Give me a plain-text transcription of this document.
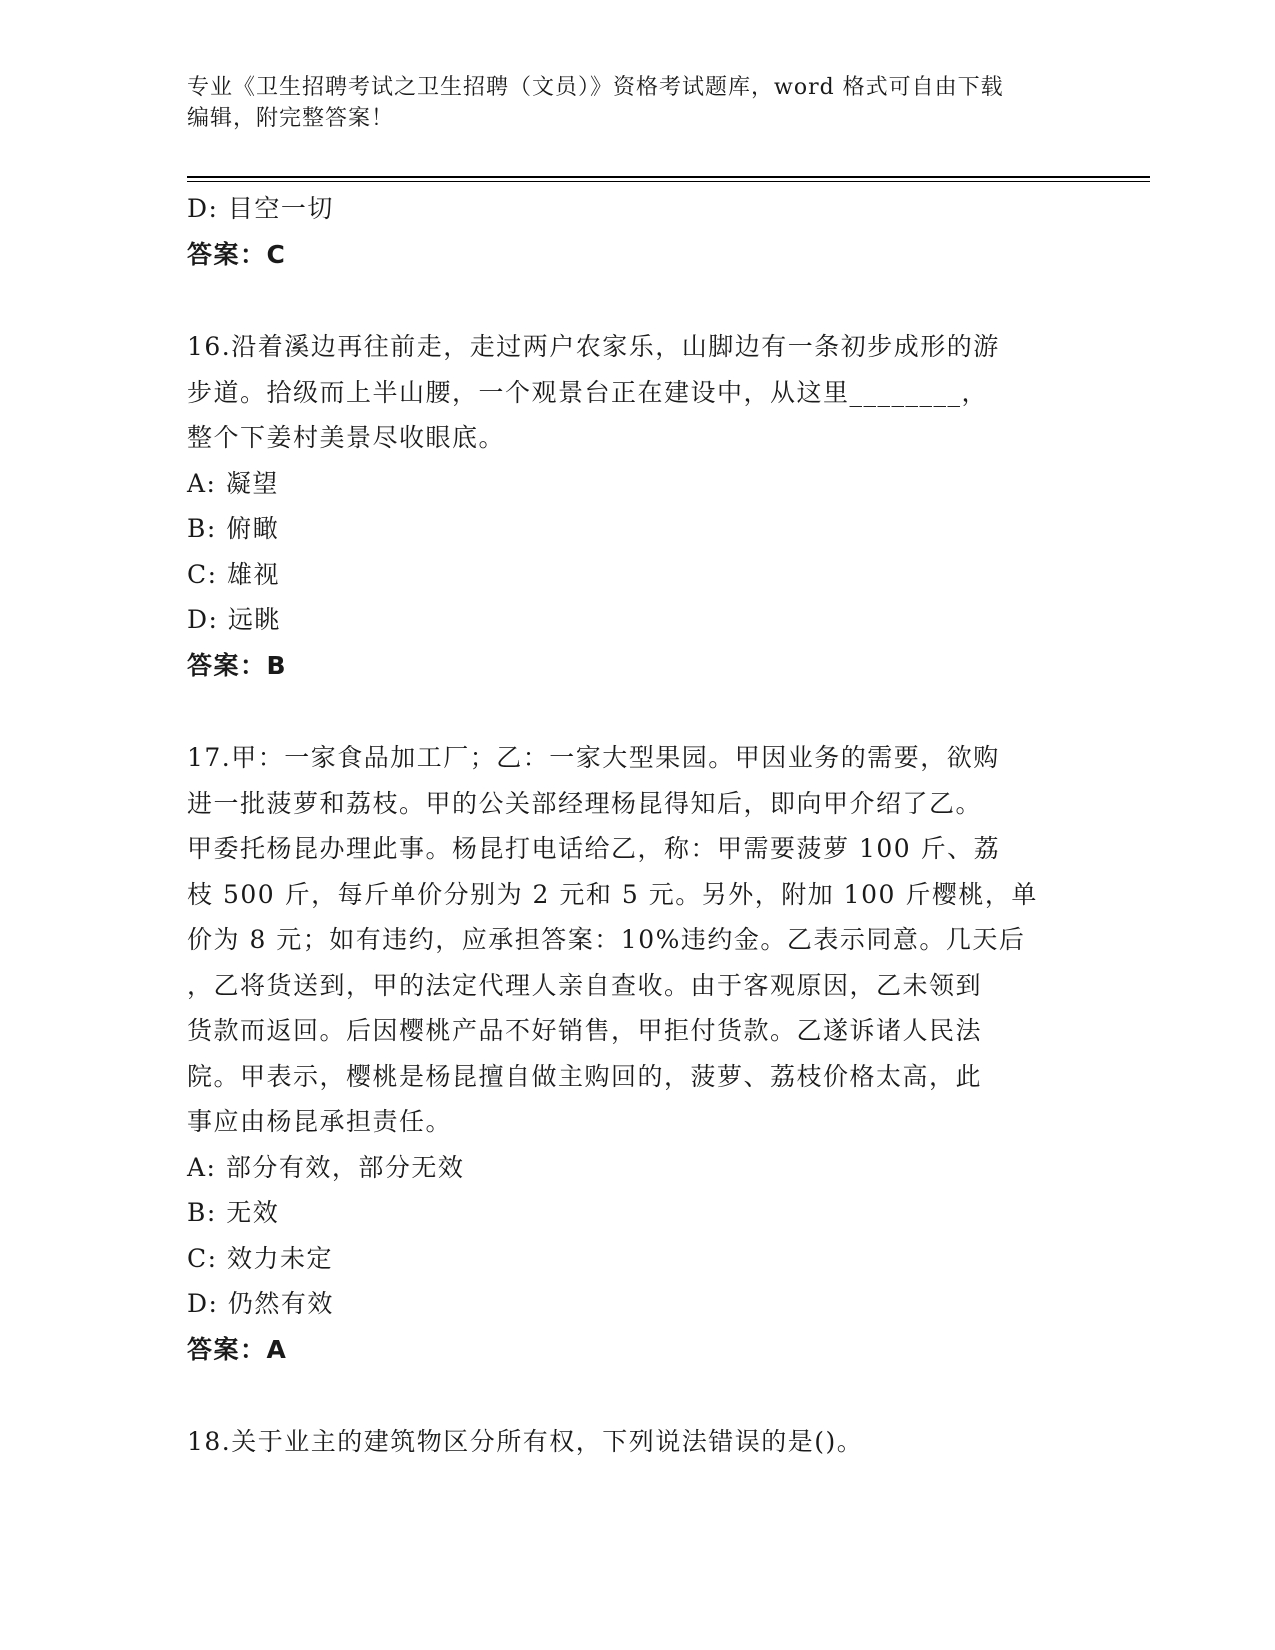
专业《卫生招聘考试之卫生招聘（文员）》资格考试题库，word 格式可自由下载
编辑，附完整答案！
D: 目空一切
答案：C
16.沿着溪边再往前走，走过两户农家乐，山脚边有一条初步成形的游
步道。拾级而上半山腰，一个观景台正在建设中，从这里________，
整个下姜村美景尽收眼底。
A: 凝望
B: 俯瞰
C: 雄视
D: 远眺
答案：B
17.甲：一家食品加工厂；乙：一家大型果园。甲因业务的需要，欲购
进一批菠萝和荔枝。甲的公关部经理杨昆得知后，即向甲介绍了乙。
甲委托杨昆办理此事。杨昆打电话给乙，称：甲需要菠萝 100 斤、荔
枝 500 斤，每斤单价分别为 2 元和 5 元。另外，附加 100 斤樱桃，单
价为 8 元；如有违约，应承担答案：10%违约金。乙表示同意。几天后
，乙将货送到，甲的法定代理人亲自查收。由于客观原因，乙未领到
货款而返回。后因樱桃产品不好销售，甲拒付货款。乙遂诉诸人民法
院。甲表示，樱桃是杨昆擅自做主购回的，菠萝、荔枝价格太高，此
事应由杨昆承担责任。
A: 部分有效，部分无效
B: 无效
C: 效力未定
D: 仍然有效
答案：A
18.关于业主的建筑物区分所有权，下列说法错误的是()。
